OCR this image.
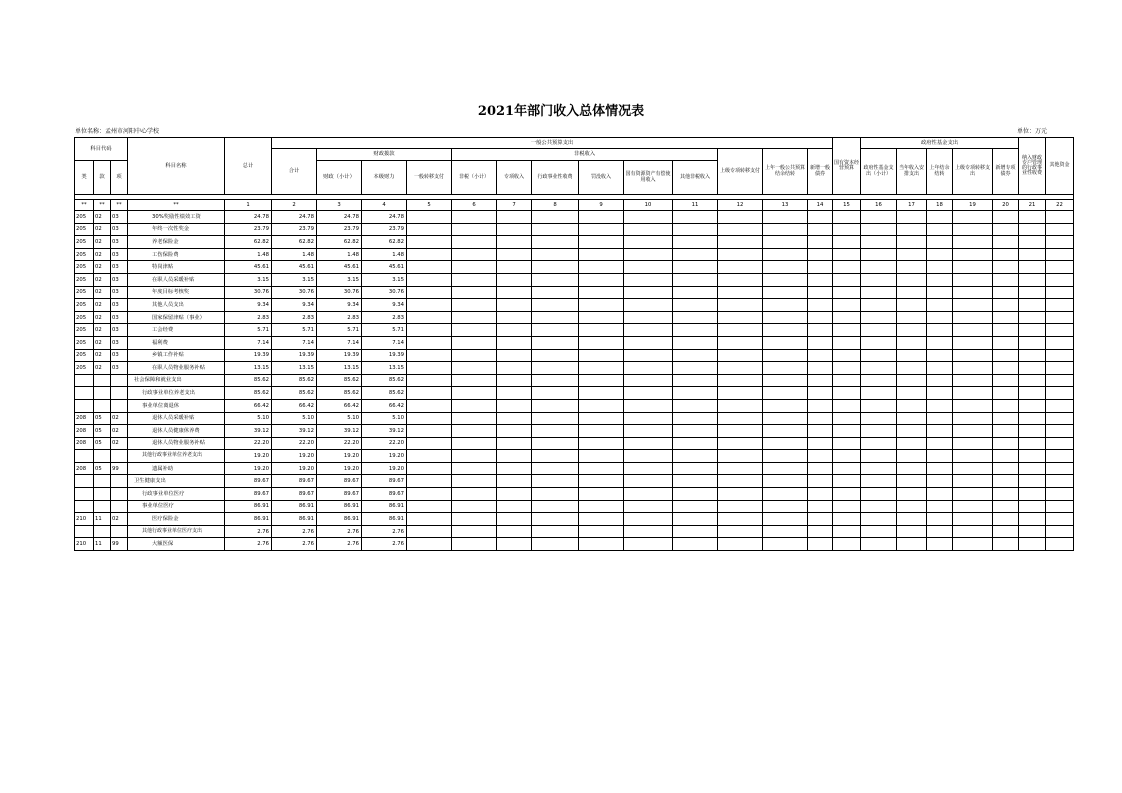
2021年部门收入总体情况表
单位名称：孟州市河阳中心学校	单位：万元
科目代码			科目名称	总计	一般公共预算支出													国有资本经营预算	政府性基金支出					纳入财政专户管理的行政事业性收费	其他资金
					合计	财政拨款			非税收入						上级专项转移支付	上年一般公共预算结余结转	新增一般债券		政府性基金支出（小计）	当年收入安排支出	上年结余结转	上级专项转移支出	新增专项债券		
类	款	项				财政（小计）	本级财力	一般转移支付	非税（小计）	专项收入	行政事业性收费	罚没收入	国有资源资产有偿使用收入	其他非税收入											

**	**	**	**	1	2	3	4	5	6	7	8	9	10	11	12	13	14	15	16	17	18	19	20	21	22
205	02	03	30%奖励性绩效工资	24.78	24.78	24.78	24.78																		
205	02	03	年终一次性奖金	23.79	23.79	23.79	23.79																		
205	02	03	养老保险金	62.82	62.82	62.82	62.82																		
205	02	03	工伤保险费	1.48	1.48	1.48	1.48																		
205	02	03	特岗津贴	45.61	45.61	45.61	45.61																		
205	02	03	在职人员采暖补贴	3.15	3.15	3.15	3.15																		
205	02	03	年度目标考核奖	30.76	30.76	30.76	30.76																		
205	02	03	其他人员支出	9.34	9.34	9.34	9.34																		
205	02	03	国家保留津贴（事业）	2.83	2.83	2.83	2.83																		
205	02	03	工会经费	5.71	5.71	5.71	5.71																		
205	02	03	福利费	7.14	7.14	7.14	7.14																		
205	02	03	乡镇工作补贴	19.39	19.39	19.39	19.39																		
205	02	03	在职人员物业服务补贴	13.15	13.15	13.15	13.15																		
			社会保障和就业支出	85.62	85.62	85.62	85.62																		
			行政事业单位养老支出	85.62	85.62	85.62	85.62																		
			事业单位离退休	66.42	66.42	66.42	66.42																		
208	05	02	退休人员采暖补贴	5.10	5.10	5.10	5.10																		
208	05	02	退休人员健康休养费	39.12	39.12	39.12	39.12																		
208	05	02	退休人员物业服务补贴	22.20	22.20	22.20	22.20																		
			其他行政事业单位养老支出	19.20	19.20	19.20	19.20																		
208	05	99	遗属补助	19.20	19.20	19.20	19.20																		
			卫生健康支出	89.67	89.67	89.67	89.67																		
			行政事业单位医疗	89.67	89.67	89.67	89.67																		
			事业单位医疗	86.91	86.91	86.91	86.91																		
210	11	02	医疗保险金	86.91	86.91	86.91	86.91																		
			其他行政事业单位医疗支出	2.76	2.76	2.76	2.76																		
210	11	99	大额医保	2.76	2.76	2.76	2.76																		
